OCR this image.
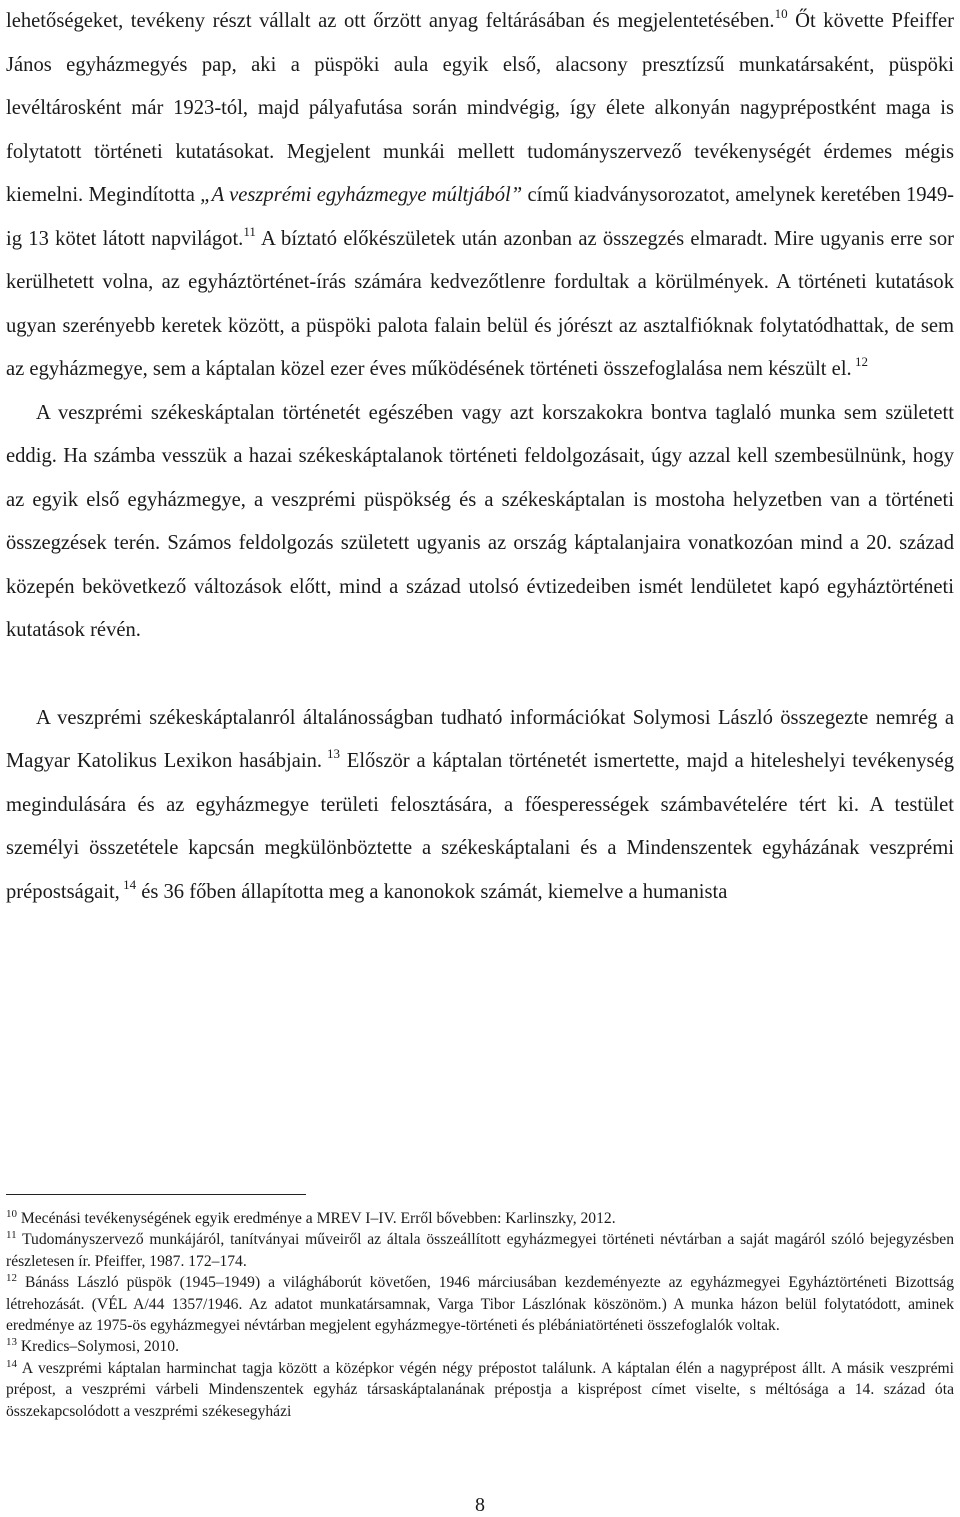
lehetőségeket, tevékeny részt vállalt az ott őrzött anyag feltárásában és megjelentetésében.$^{10}$ Őt követte Pfeiffer János egyházmegyés pap, aki a püspöki aula egyik első, alacsony presztízsű munkatársaként, püspöki levéltárosként már 1923-tól, majd pályafutása során mindvégig, így élete alkonyán nagyprépostként maga is folytatott történeti kutatásokat. Megjelent munkái mellett tudományszervező tevékenységét érdemes mégis kiemelni. Megindította „A veszprémi egyházmegye múltjából” című kiadványsorozatot, amelynek keretében 1949-ig 13 kötet látott napvilágot.$^{11}$ A bíztató előkészületek után azonban az összegzés elmaradt. Mire ugyanis erre sor kerülhetett volna, az egyháztörténet-írás számára kedvezőtlenre fordultak a körülmények. A történeti kutatások ugyan szerényebb keretek között, a püspöki palota falain belül és jórészt az asztalfióknak folytatódhattak, de sem az egyházmegye, sem a káptalan közel ezer éves működésének történeti összefoglalása nem készült el. $^{12}$

A veszprémi székeskáptalan történetét egészében vagy azt korszakokra bontva taglaló munka sem született eddig. Ha számba vesszük a hazai székeskáptalanok történeti feldolgozásait, úgy azzal kell szembesülnünk, hogy az egyik első egyházmegye, a veszprémi püspökség és a székeskáptalan is mostoha helyzetben van a történeti összegzések terén. Számos feldolgozás született ugyanis az ország káptalanjaira vonatkozóan mind a 20. század közepén bekövetkező változások előtt, mind a század utolsó évtizedeiben ismét lendületet kapó egyháztörténeti kutatások révén.

A veszprémi székeskáptalanról általánosságban tudható információkat Solymosi László összegezte nemrég a Magyar Katolikus Lexikon hasábjain. $^{13}$ Először a káptalan történetét ismertette, majd a hiteleshelyi tevékenység megindulására és az egyházmegye területi felosztására, a főesperességek számbavételére tért ki. A testület személyi összetétele kapcsán megkülönböztette a székeskáptalani és a Mindenszentek egyházának veszprémi prépostságait, $^{14}$ és 36 főben állapította meg a kanonokok számát, kiemelve a humanista

$^{10}$ Mecénási tevékenységének egyik eredménye a MREV I–IV. Erről bővebben: Karlinszky, 2012.

$^{11}$ Tudományszervező munkájáról, tanítványai műveiről az általa összeállított egyházmegyei történeti névtárban a saját magáról szóló bejegyzésben részletesen ír. Pfeiffer, 1987. 172–174.

$^{12}$ Bánáss László püspök (1945–1949) a világháborút követően, 1946 márciusában kezdeményezte az egyházmegyei Egyháztörténeti Bizottság létrehozását. (VÉL A/44 1357/1946. Az adatot munkatársamnak, Varga Tibor Lászlónak köszönöm.) A munka házon belül folytatódott, aminek eredménye az 1975-ös egyházmegyei névtárban megjelent egyházmegye-történeti és plébániatörténeti összefoglalók voltak.

$^{13}$ Kredics–Solymosi, 2010.

$^{14}$ A veszprémi káptalan harminchat tagja között a középkor végén négy prépostot találunk. A káptalan élén a nagyprépost állt. A másik veszprémi prépost, a veszprémi várbeli Mindenszentek egyház társaskáptalanának prépostja a kisprépost címet viselte, s méltósága a 14. század óta összekapcsolódott a veszprémi székesegyházi

8
